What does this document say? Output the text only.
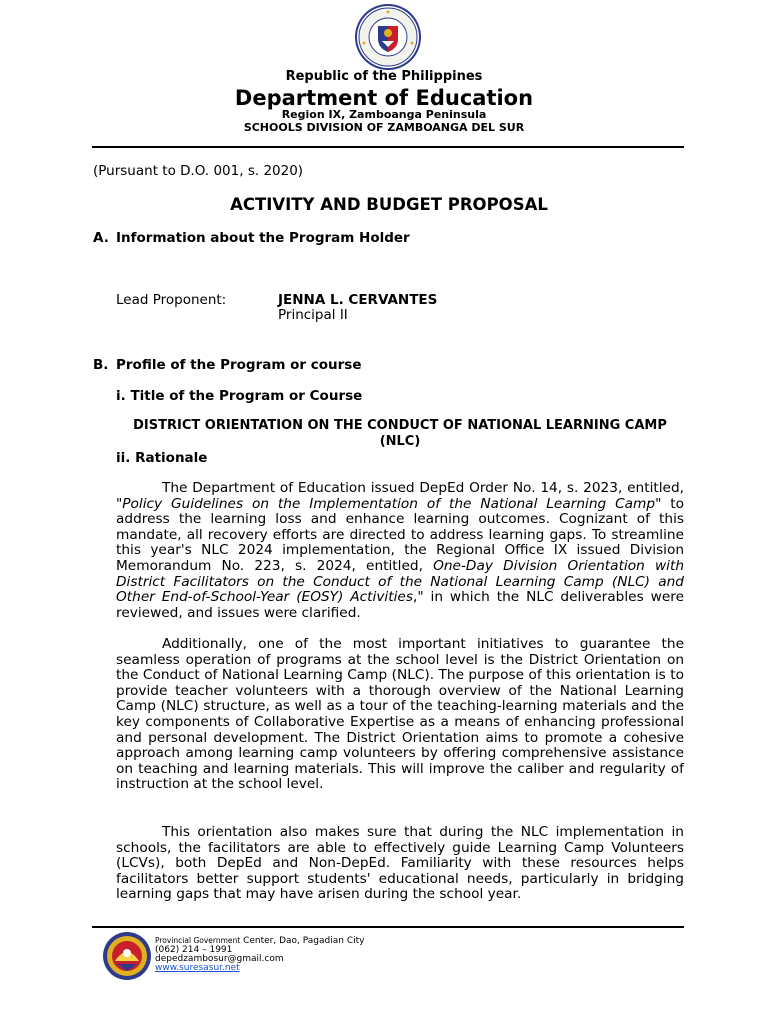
Republic of the Philippines
Department of Education
Region IX, Zamboanga Peninsula
SCHOOLS DIVISION OF ZAMBOANGA DEL SUR
(Pursuant to D.O. 001, s. 2020)
ACTIVITY AND BUDGET PROPOSAL
A. Information about the Program Holder
Lead Proponent:	JENNA L. CERVANTES
Principal II
B. Profile of the Program or course
i. Title of the Program or Course
DISTRICT ORIENTATION ON THE CONDUCT OF NATIONAL LEARNING CAMP (NLC)
ii. Rationale

The Department of Education issued DepEd Order No. 14, s. 2023, entitled, "Policy Guidelines on the Implementation of the National Learning Camp" to address the learning loss and enhance learning outcomes. Cognizant of this mandate, all recovery efforts are directed to address learning gaps. To streamline this year's NLC 2024 implementation, the Regional Office IX issued Division Memorandum No. 223, s. 2024, entitled, One-Day Division Orientation with District Facilitators on the Conduct of the National Learning Camp (NLC) and Other End-of-School-Year (EOSY) Activities," in which the NLC deliverables were reviewed, and issues were clarified.

Additionally, one of the most important initiatives to guarantee the seamless operation of programs at the school level is the District Orientation on the Conduct of National Learning Camp (NLC). The purpose of this orientation is to provide teacher volunteers with a thorough overview of the National Learning Camp (NLC) structure, as well as a tour of the teaching-learning materials and the key components of Collaborative Expertise as a means of enhancing professional and personal development. The District Orientation aims to promote a cohesive approach among learning camp volunteers by offering comprehensive assistance on teaching and learning materials. This will improve the caliber and regularity of instruction at the school level.

This orientation also makes sure that during the NLC implementation in schools, the facilitators are able to effectively guide Learning Camp Volunteers (LCVs), both DepEd and Non-DepEd. Familiarity with these resources helps facilitators better support students' educational needs, particularly in bridging learning gaps that may have arisen during the school year.

Provincial Government Center, Dao, Pagadian City
(062) 214 – 1991
depedzambosur@gmail.com
www.suresasur.net
